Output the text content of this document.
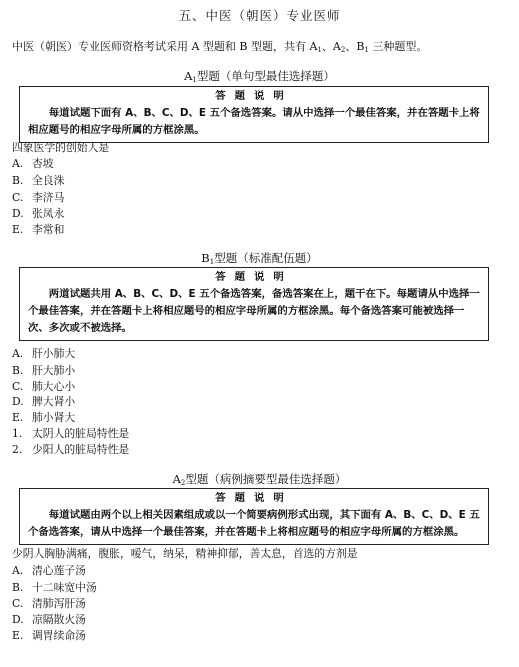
五、中医（朝医）专业医师
中医（朝医）专业医师资格考试采用 A 型题和 B 型题，共有 $A_1$、$A_2$、$B_1$ 三种题型。
$A_1$型题（单句型最佳选择题）
答题说明
每道试题下面有 A、B、C、D、E 五个备选答案。请从中选择一个最佳答案，并在答题卡上将相应题号的相应字母所属的方框涂黑。
四象医学的创始人是
A. 杏坡
B. 全良洙
C. 李济马
D. 张凤永
E. 李常和
$B_1$型题（标准配伍题）
答题说明
两道试题共用 A、B、C、D、E 五个备选答案，备选答案在上，题干在下。每题请从中选择一个最佳答案，并在答题卡上将相应题号的相应字母所属的方框涂黑。每个备选答案可能被选择一次、多次或不被选择。
A. 肝小肺大
B. 肝大肺小
C. 肺大心小
D. 脾大肾小
E. 肺小肾大
1. 太阴人的脏局特性是
2. 少阳人的脏局特性是
$A_2$型题（病例摘要型最佳选择题）
答题说明
每道试题由两个以上相关因素组成或以一个简要病例形式出现，其下面有 A、B、C、D、E 五个备选答案，请从中选择一个最佳答案，并在答题卡上将相应题号的相应字母所属的方框涂黑。
少阴人胸胁满痛，腹胀，嗳气，纳呆，精神抑郁，善太息，首选的方剂是
A. 清心莲子汤
B. 十二味宽中汤
C. 清肺泻肝汤
D. 凉隔散火汤
E. 调胃续命汤
